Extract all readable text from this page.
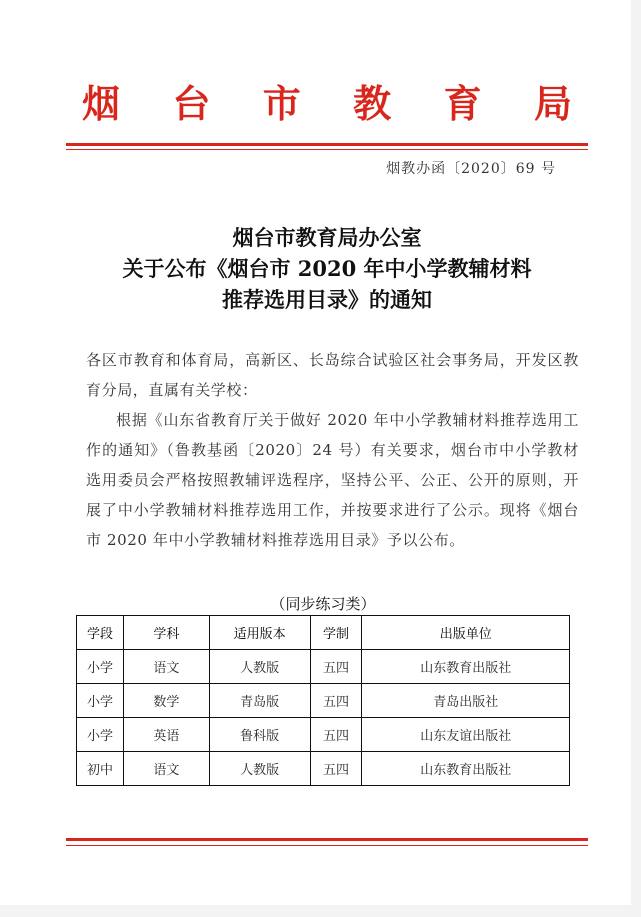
烟 台 市 教 育 局
烟教办函〔2020〕69 号
烟台市教育局办公室
关于公布《烟台市 2020 年中小学教辅材料
推荐选用目录》的通知

各区市教育和体育局，高新区、长岛综合试验区社会事务局，开发区教育分局，直属有关学校：

根据《山东省教育厅关于做好 2020 年中小学教辅材料推荐选用工作的通知》（鲁教基函〔2020〕24 号）有关要求，烟台市中小学教材选用委员会严格按照教辅评选程序，坚持公平、公正、公开的原则，开展了中小学教辅材料推荐选用工作，并按要求进行了公示。现将《烟台市 2020 年中小学教辅材料推荐选用目录》予以公布。

（同步练习类）
学段	学科	适用版本	学制	出版单位
小学	语文	人教版	五四	山东教育出版社
小学	数学	青岛版	五四	青岛出版社
小学	英语	鲁科版	五四	山东友谊出版社
初中	语文	人教版	五四	山东教育出版社
